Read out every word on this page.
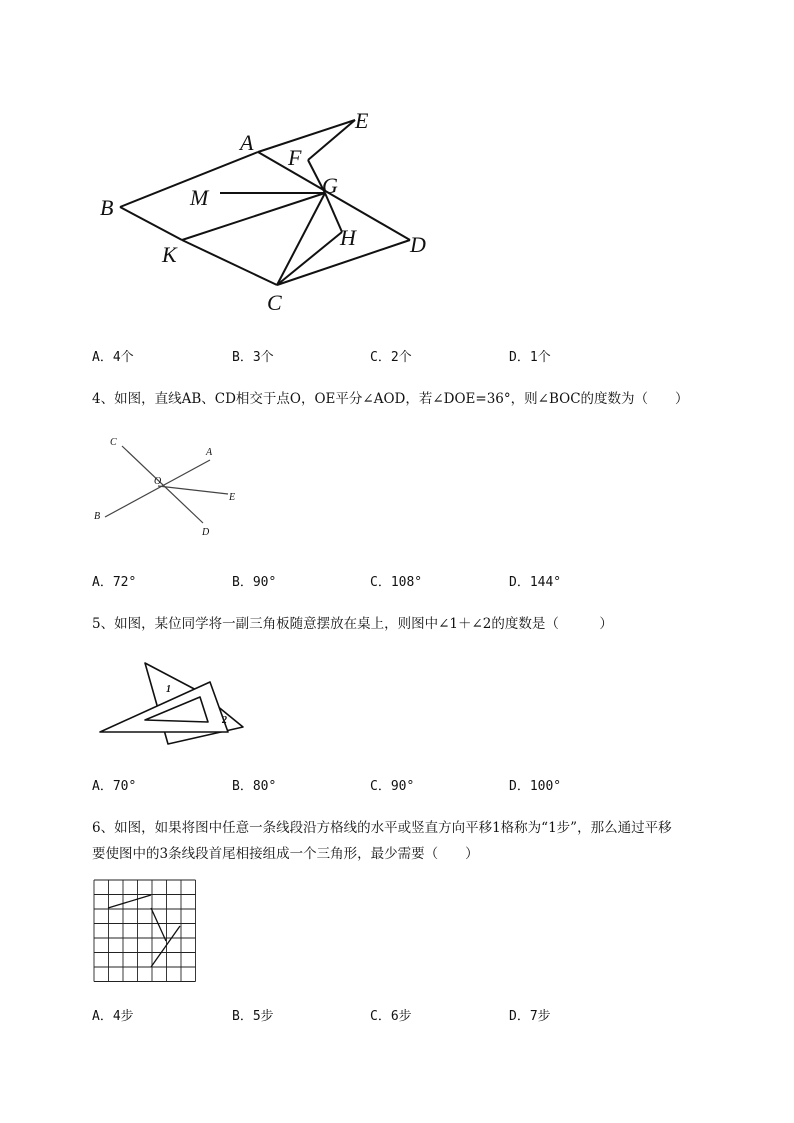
A
E
F
G
M
B
H D
K
C
A．4个	B．3个	C．2个	D．1个
4、如图，直线AB、CD相交于点O，OE平分∠AOD，若∠DOE=36°，则∠BOC的度数为（　　）
C
A
O
E
B
D
A．72°	B．90°	C．108°	D．144°
5、如图，某位同学将一副三角板随意摆放在桌上，则图中∠1＋∠2的度数是（　　　）
1
2
A．70°	B．80°	C．90°	D．100°
6、如图，如果将图中任意一条线段沿方格线的水平或竖直方向平移1格称为“1步”，那么通过平移
要使图中的3条线段首尾相接组成一个三角形，最少需要（　　）
A．4步	B．5步	C．6步	D．7步
